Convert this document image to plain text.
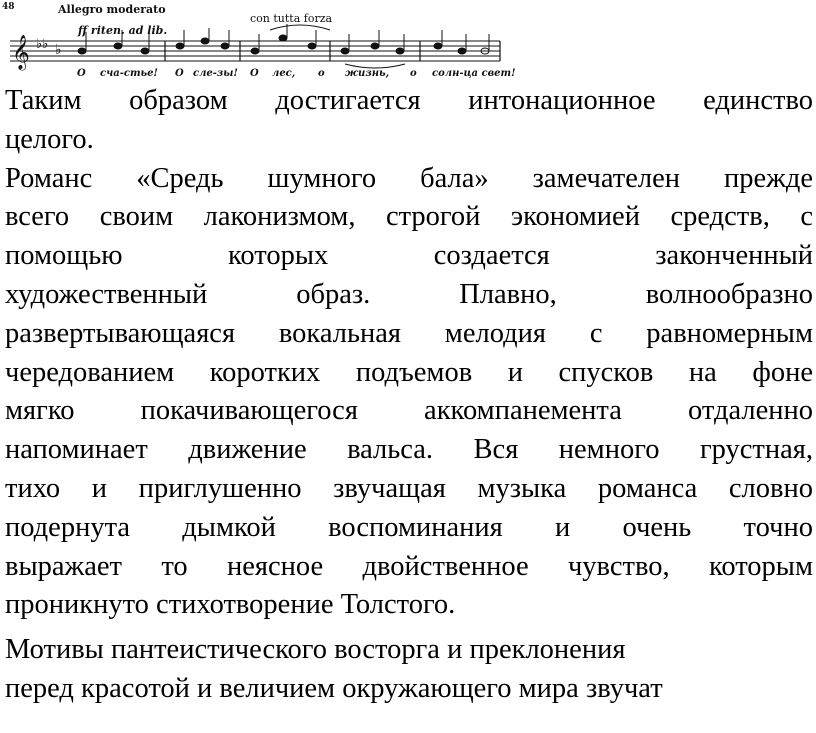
48	Allegro moderato
ff riten. ad lib.
con tutta forza
𝄞 ♭♭ ♭
О сча-стье! О сле-зы! О лес, о жизнь, о солн-ца свет!

Таким образом достигается интонационное единство
целого.

Романс «Средь шумного бала» замечателен прежде
всего своим лаконизмом, строгой экономией средств, с
помощью которых создается законченный
художественный образ. Плавно, волнообразно
развертывающаяся вокальная мелодия с равномерным
чередованием коротких подъемов и спусков на фоне
мягко покачивающегося аккомпанемента отдаленно
напоминает движение вальса. Вся немного грустная,
тихо и приглушенно звучащая музыка романса словно
подернута дымкой воспоминания и очень точно
выражает то неясное двойственное чувство, которым
проникнуто стихотворение Толстого.

Мотивы пантеистического восторга и преклонения
перед красотой и величием окружающего мира звучат
